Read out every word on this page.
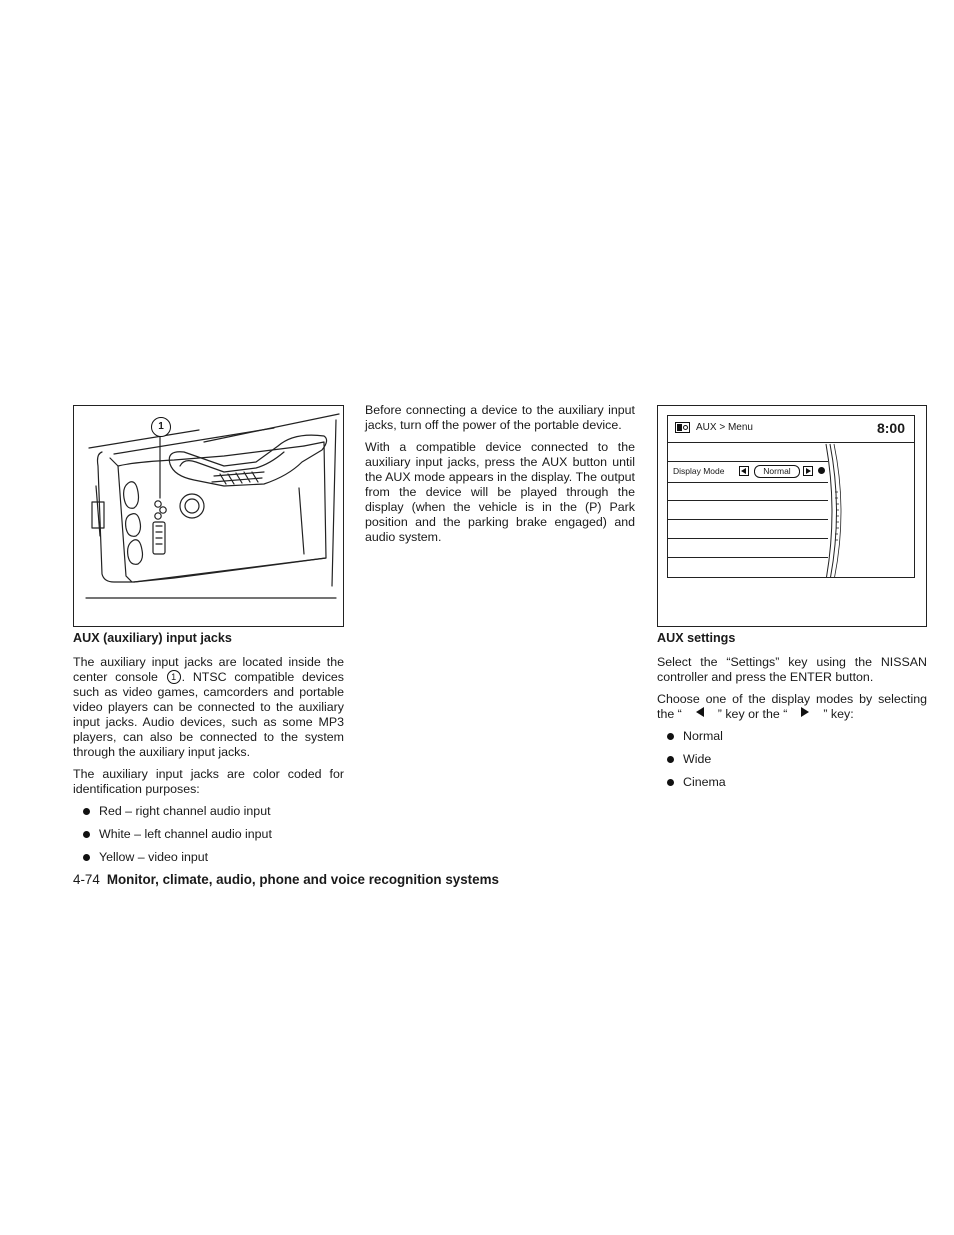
1
AUX (auxiliary) input jacks

The auxiliary input jacks are located inside the center console 1 . NTSC compatible devices such as video games, camcorders and portable video players can be connected to the auxiliary input jacks. Audio devices, such as some MP3 players, can also be connected to the system through the auxiliary input jacks.

The auxiliary input jacks are color coded for identification purposes:

Red – right channel audio input
White – left channel audio input
Yellow – video input

Before connecting a device to the auxiliary input jacks, turn off the power of the portable device.

With a compatible device connected to the auxiliary input jacks, press the AUX button until the AUX mode appears in the display. The output from the device will be played through the display (when the vehicle is in the (P) Park position and the parking brake engaged) and audio system.

AUX > Menu	8:00
Display Mode	Normal
AUX settings

Select the “Settings” key using the NISSAN controller and press the ENTER button.

Choose one of the display modes by selecting the “	” key or the “	” key:

Normal
Wide
Cinema
4-74 Monitor, climate, audio, phone and voice recognition systems
